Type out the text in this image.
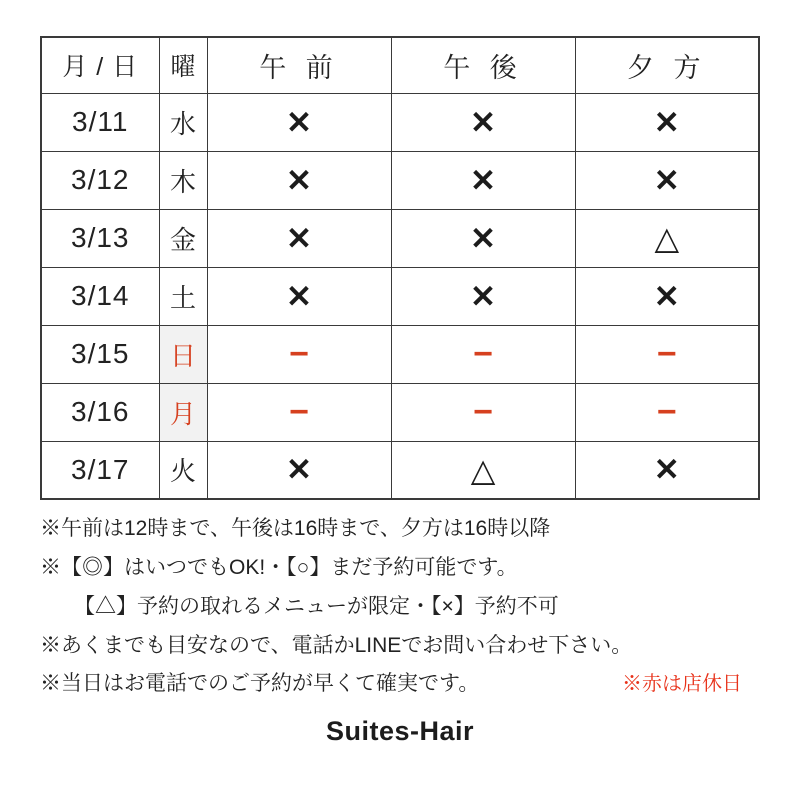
月 / 日	曜	午 前	午 後	夕 方
3/11	水	✕	✕	✕
3/12	木	✕	✕	✕
3/13	金	✕	✕	△
3/14	土	✕	✕	✕
3/15	日	−	−	−
3/16	月	−	−	−
3/17	火	✕	△	✕
※午前は12時まで、午後は16時まで、夕方は16時以降
※【◎】はいつでもOK!・【○】まだ予約可能です。
【△】予約の取れるメニューが限定・【×】予約不可
※あくまでも目安なので、電話かLINEでお問い合わせ下さい。
※当日はお電話でのご予約が早くて確実です。	※赤は店休日
Suites-Hair
